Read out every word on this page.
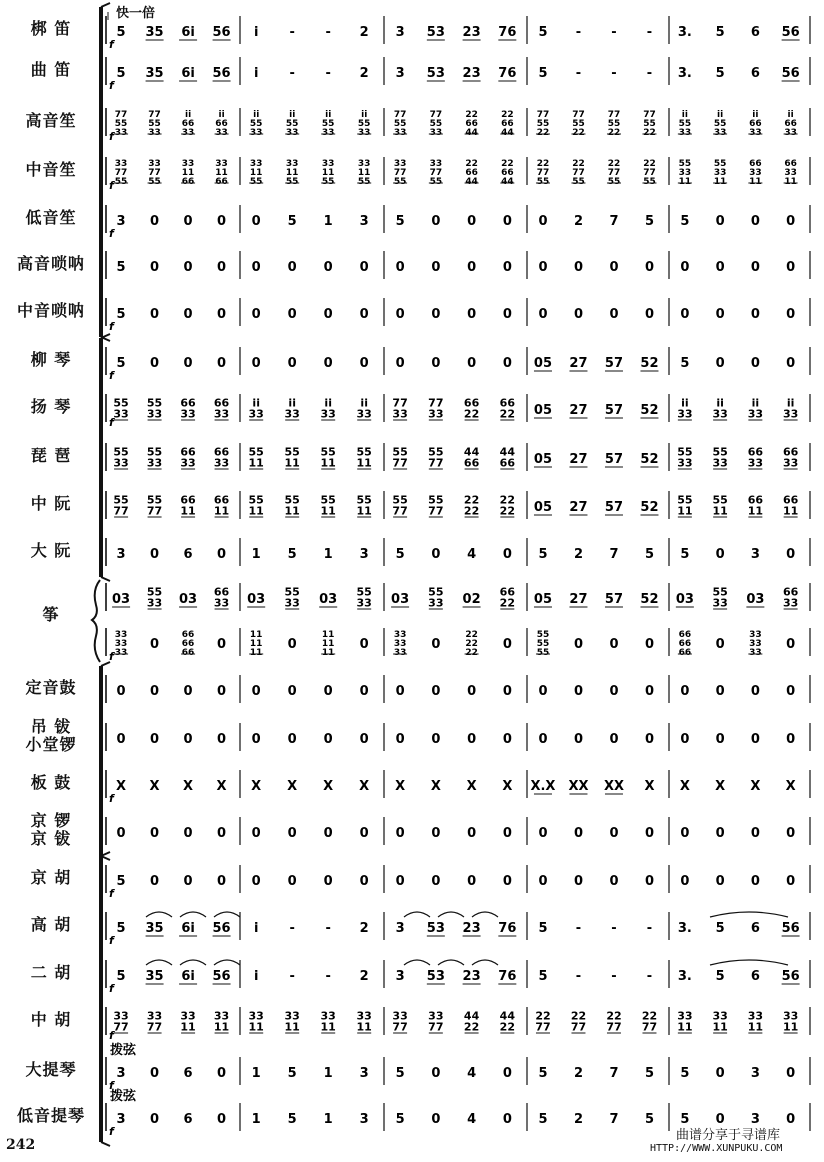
快一倍
梆 笛
曲 笛
高音笙
中音笙
低音笙
高音唢呐
中音唢呐
柳 琴
扬 琴
琵 琶
中 阮
大 阮
筝
定音鼓
吊 钹
小堂锣
板 鼓
京 锣
京 钹
京 胡
高 胡
二 胡
中 胡
大提琴
低音提琴
f
5 35 6i 56 i - - 2 3 53 23 76 5 - - - 3. 5 6 56
f
5 35 6i 56 i - - 2 3 53 23 76 5 - - - 3. 5 6 56
f
77
55
33
77
55
33
ii
66
33
ii
66
33
ii
55
33
ii
55
33
ii
55
33
ii
55
33
77
55
33
77
55
33
22
66
44
22
66
44
77
55
22
77
55
22
77
55
22
77
55
22
ii
55
33
ii
55
33
ii
66
33
ii
66
33
f
33
77
55
33
77
55
33
11
66
33
11
66
33
11
55
33
11
55
33
11
55
33
11
55
33
77
55
33
77
55
22
66
44
22
66
44
22
77
55
22
77
55
22
77
55
22
77
55
55
33
11
55
33
11
66
33
11
66
33
11
f
3 0 0 0 0 5 1 3 5 0 0 0 0 2 7 5 5 0 0 0
5 0 0 0 0 0 0 0 0 0 0 0 0 0 0 0 0 0 0 0
f
5 0 0 0 0 0 0 0 0 0 0 0 0 0 0 0 0 0 0 0
f
5 0 0 0 0 0 0 0 0 0 0 0 05 27 57 52 5 0 0 0
f
55
33
55
33
66
33
66
33
ii
33
ii
33
ii
33
ii
33
77
33
77
33
66
22
66
22 05 27 57 52 ii
33
ii
33
ii
33
ii
33
55
33
55
33
66
33
66
33
55
11
55
11
55
11
55
11
55
77
55
77
44
66
44
66 05 27 57 52 55
33
55
33
66
33
66
33
55
77
55
77
66
11
66
11
55
11
55
11
55
11
55
11
55
77
55
77
22
22
22
22 05 27 57 52 55
11
55
11
66
11
66
11
3 0 6 0 1 5 1 3 5 0 4 0 5 2 7 5 5 0 3 0
03 55
33 03 66
33 03 55
33 03 55
33 03 55
33 02 66
22 05 27 57 52 03 55
33 03 66
33
f
33
33
33
0
66
66
66
0
11
11
11
0
11
11
11
0
33
33
33
0
22
22
22
0
55
55
55
0 0 0
66
66
66
0
33
33
33
0
0 0 0 0 0 0 0 0 0 0 0 0 0 0 0 0 0 0 0 0
0 0 0 0 0 0 0 0 0 0 0 0 0 0 0 0 0 0 0 0
f
X X X X X X X X X X X X X.X XX XX X X X X X
0 0 0 0 0 0 0 0 0 0 0 0 0 0 0 0 0 0 0 0
f
5 0 0 0 0 0 0 0 0 0 0 0 0 0 0 0 0 0 0 0
f
5 35 6i 56 i - - 2 3 53 23 76 5 - - - 3. 5 6 56
f
5 35 6i 56 i - - 2 3 53 23 76 5 - - - 3. 5 6 56
f
33
77
33
77
33
11
33
11
33
11
33
11
33
11
33
11
33
77
33
77
44
22
44
22
22
77
22
77
22
77
22
77
33
11
33
11
33
11
33
11
f
拨弦
3 0 6 0 1 5 1 3 5 0 4 0 5 2 7 5 5 0 3 0
f
拨弦
3 0 6 0 1 5 1 3 5 0 4 0 5 2 7 5 5 0 3 0
242
曲谱分享于寻谱库
HTTP://WWW.XUNPUKU.COM
